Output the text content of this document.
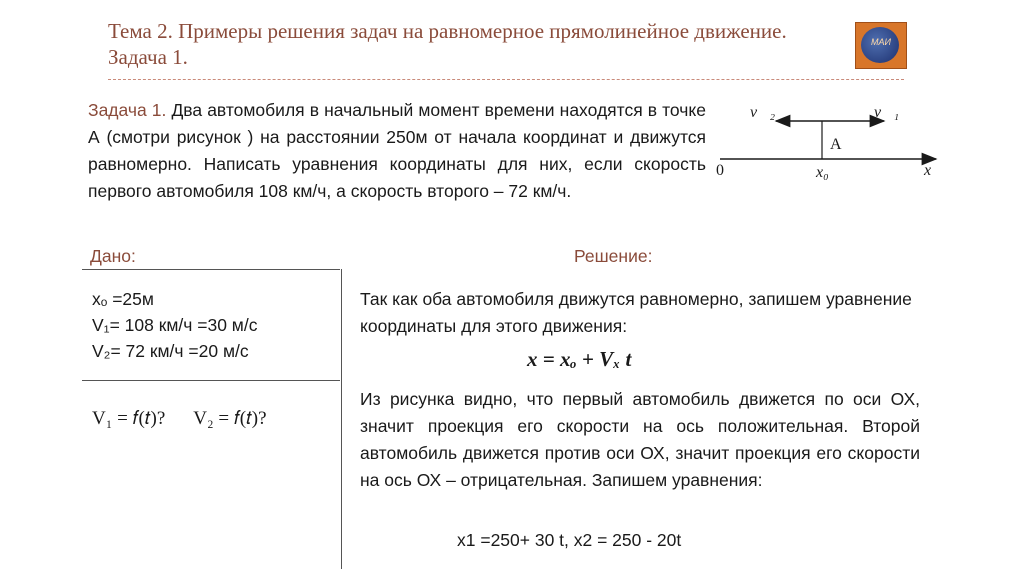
Тема 2. Примеры решения задач на равномерное прямолинейное движение. Задача 1.
МАИ
Задача 1. Два автомобиля в начальный момент времени находятся в точке А (смотри рисунок ) на расстоянии 250м от начала координат и движутся равномерно. Написать уравнения координаты для них, если скорость первого автомобиля 108 км/ч, а скорость второго – 72 км/ч.
v⃗₂	v⃗₁
A
0	x₀	x
Дано:	Решение:
xₒ =25м
V₁= 108 км/ч =30 м/с
V₂= 72 км/ч =20 м/с
V₁ = 𝑓(𝑡)? V₂ = 𝑓(𝑡)?
Так как оба автомобиля движутся равномерно, запишем уравнение координаты для этого движения:
x = xₒ + Vₓ t
Из рисунка видно, что первый автомобиль движется по оси ОХ, значит проекция его скорости на ось положительная. Второй автомобиль движется против оси ОХ, значит проекция его скорости на ось ОХ – отрицательная. Запишем уравнения:
x1 =250+ 30 t, x2 = 250 - 20t
